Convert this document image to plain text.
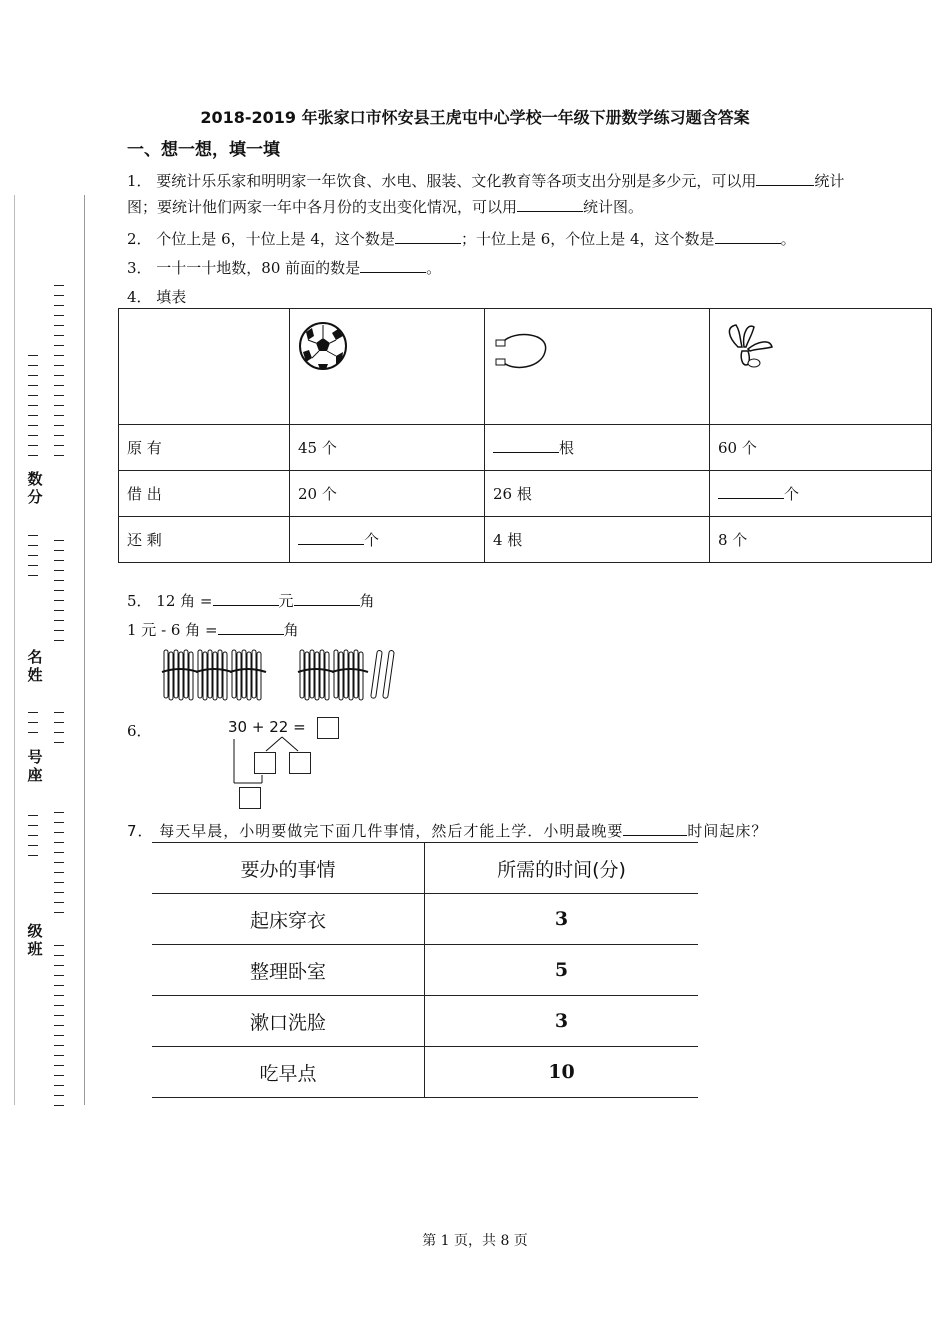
数分
名姓
号座
级班
2018-2019 年张家口市怀安县王虎屯中心学校一年级下册数学练习题含答案
一、想一想，填一填
1． 要统计乐乐家和明明家一年饮食、水电、服装、文化教育等各项支出分别是多少元，可以用	统计
图；要统计他们两家一年中各月份的支出变化情况，可以用	统计图。
2． 个位上是 6，十位上是 4，这个数是	；十位上是 6，个位上是 4，这个数是	。
3． 一十一十地数，80 前面的数是	。
4． 填表

原 有	45 个	根	60 个
借 出	20 个	26 根	个
还 剩	个	4 根	8 个
5． 12 角 =	元	角
1 元 - 6 角 =	角
6．	30 + 22 =
7． 每天早晨，小明要做完下面几件事情，然后才能上学．小明最晚要	时间起床？
要办的事情	所需的时间(分)
起床穿衣	3
整理卧室	5
漱口洗脸	3
吃早点	10
第 1 页，共 8 页
